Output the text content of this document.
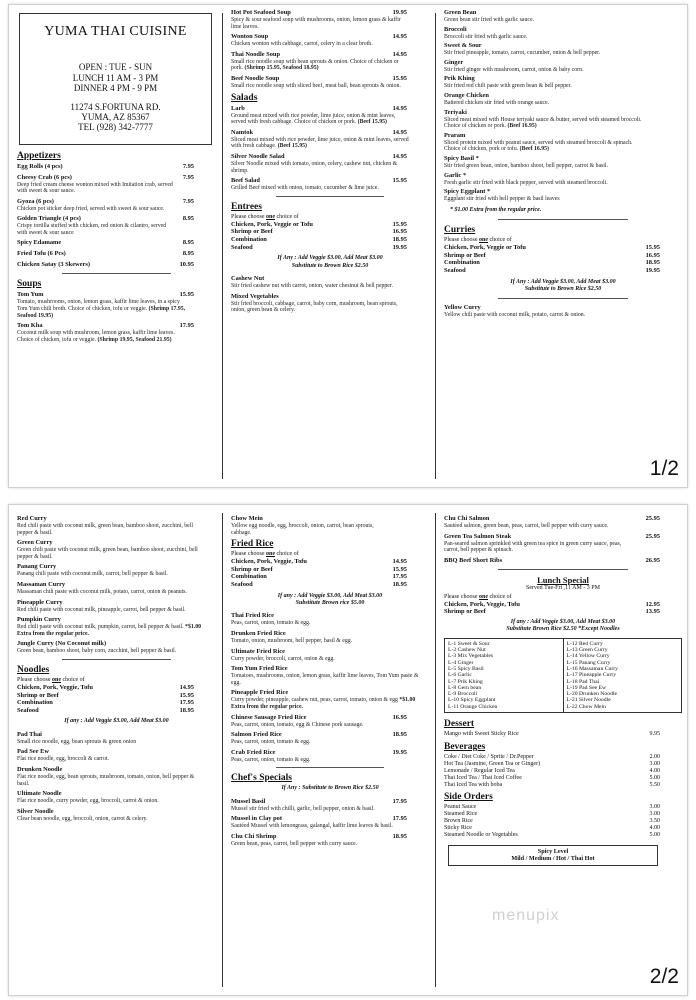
YUMA THAI CUISINE
OPEN : TUE - SUN
LUNCH 11 AM - 3 PM
DINNER 4 PM - 9 PM
11274 S.FORTUNA RD.
YUMA, AZ 85367
TEL (928) 342-7777
Appetizers
Egg Rolls (4 pcs)	7.95
Cheesy Crab (6 pcs)	7.95
Deep fried cream cheese wonton mixed with Imitation crab, served with sweet & sour sauce.
Gyoza (6 pcs)	7.95
Chicken pot sticker deep fried, served with sweet & sour sauce.
Golden Triangle (4 pcs)	8.95
Crispy tortilla stuffed with chicken, red onion & cilantro, served with sweet & sour sauce
Spicy Edamame	8.95
Fried Tofu (6 Pcs)	8.95
Chicken Satay (3 Skewers)	10.95
Soups
Tom Yum	15.95
Tomato, mushrooms, onion, lemon grass, kaffir lime leaves, in a spicy Tom Yum chili broth. Choice of chicken, tofu or veggie. (Shrimp 17.95, Seafood 19.95)
Tom Kha	17.95
Coconut milk soup with mushroom, lemon grass, kaffir lime leaves. Choice of chicken, tofu or veggie. (Shrimp 19.95, Seafood 21.95)
Hot Pot Seafood Soup	19.95
Spicy & sour seafood soup with mushrooms, onion, lemon grass & kaffir lime leaves.
Wonton Soup	14.95
Chicken wonton with cabbage, carrot, celery in a clear broth.
Thai Noodle Soup	14.95
Small rice noodle soup with bean sprouts & onion. Choice of chicken or pork. (Shrimp 15.95, Seafood 18.95)
Beef Noodle Soup	15.95
Small rice noodle soup with sliced beef, meat ball, bean sprouts & onion.
Salads
Larb	14.95
Ground meat mixed with rice powder, lime juice, onion & mint leaves, served with fresh cabbage. Choice of chicken or pork. (Beef 15.95)
Namtok	14.95
Sliced meat mixed with rice powder, lime juice, onion & mint leaves, served with fresh cabbage. (Beef 15.95)
Silver Noodle Salad	14.95
Silver Noodle mixed with tomato, onion, celery, cashew nut, chicken & shrimp.
Beef Salad	15.95
Grilled Beef mixed with onion, tomato, cucumber & lime juice.
Entrees
Please choose one choice of
Chicken, Pork, Veggie or Tofu	15.95
Shrimp or Beef	16.95
Combination	18.95
Seafood	19.95
If Any : Add Veggie $3.00, Add Meat $3.00
Substitute to Brown Rice $2.50
Cashew Nut
Stir fried cashew nut with carrot, onion, water chestnut & bell pepper.
Mixed Vegetables
Stir fried broccoli, cabbage, carrot, baby corn, mushroom, bean sprouts, onion, green bean & celery.
Green Bean
Green bean stir fried with garlic sauce.
Broccoli
Broccoli stir fried with garlic sauce.
Sweet & Sour
Stir fried pineapple, tomato, carrot, cucumber, onion & bell pepper.
Ginger
Stir fried ginger with mushroom, carrot, onion & baby corn.
Prik Khing
Stir fried red chili paste with green bean & bell pepper.
Orange Chicken
Battered chicken stir fried with orange sauce.
Teriyaki
Sliced meat mixed with House teriyaki sauce & butter, served with steamed broccoli. Choice of chicken or pork. (Beef 16.95)
Praram
Sliced protein mixed with peanut sauce, served with steamed broccoli & spinach. Choice of chicken, pork or tofu. (Beef 16.95)
Spicy Basil *
Stir fried green bean, onion, bamboo shoot, bell pepper, carrot & basil.
Garlic *
Fresh garlic stir fried with black pepper, served with steamed broccoli.
Spicy Eggplant *
Eggplant stir fried with bell pepper & basil leaves
* $1.00 Extra from the regular price.
Curries
Please choose one choice of
Chicken, Pork, Veggie or Tofu	15.95
Shrimp or Beef	16.95
Combination	18.95
Seafood	19.95
If Any : Add Veggie $3.00, Add Meat $3.00
Substitute to Brown Rice $2.50
Yellow Curry
Yellow chili paste with coconut milk, potato, carrot & onion.
1/2
Red Curry
Red chili paste with coconut milk, green bean, bamboo shoot, zucchini, bell pepper & basil.
Green Curry
Green chili paste with coconut milk, green bean, bamboo shoot, zucchini, bell pepper & basil.
Panang Curry
Panang chili paste with coconut milk, carrot, bell pepper & basil.
Massaman Curry
Massaman chili paste with coconut milk, potato, carrot, onion & peanuts.
Pineapple Curry
Red chili paste with coconut milk, pineapple, carrot, bell pepper & basil.
Pumpkin Curry
Red chili paste with coconut milk, pumpkin, carrot, bell pepper & basil. *$1.00 Extra from the regular price.
Jungle Curry (No Coconut milk)
Green bean, bamboo shoot, baby corn, zucchini, bell pepper & basil.
Noodles
Please choose one choice of
Chicken, Pork, Veggie, Tofu	14.95
Shrimp or Beef	15.95
Combination	17.95
Seafood	18.95
If any : Add Veggie $3.00, Add Meat $3.00
Pad Thai
Small rice noodle, egg, bean sprouts & green onion
Pad See Ew
Flat rice noodle, egg, broccoli & carrot.
Drunken Noodle
Flat rice noodle, egg, bean sprouts, mushroom, tomato, onion, bell pepper & basil.
Ultimate Noodle
Flat rice noodle, curry powder, egg, broccoli, carrot & onion.
Silver Noodle
Clear bean noodle, egg, broccoli, onion, carrot & celery.
Chow Mein
Yellow egg noodle, egg, broccoli, onion, carrot, bean sprouts, cabbage.
Fried Rice
Please choose one choice of
Chicken, Pork, Veggie, Tofu	14.95
Shrimp or Beef	15.95
Combination	17.95
Seafood	18.95
If any : Add Veggie $3.00, Add Meat $3.00
Substitute Brown rice $5.00
Thai Fried Rice
Peas, carrot, onion, tomato & egg.
Drunken Fried Rice
Tomato, onion, mushroom, bell pepper, basil & egg.
Ultimate Fried Rice
Curry powder, broccoli, carrot, onion & egg.
Tom Yum Fried Rice
Tomatoes, mushrooms, onion, lemon grass, kaffir lime leaves, Tom Yum paste & egg.
Pineapple Fried Rice
Curry powder, pineapple, cashew nut, peas, carrot, tomato, onion & egg *$1.00 Extra from the regular price.
Chinese Sausage Fried Rice	16.95
Peas, carrot, onion, tomato, egg & Chinese pork sausage.
Salmon Fried Rice	18.95
Peas, carrot, onion, tomato & egg.
Crab Fried Rice	19.95
Peas, carrot, onion, tomato & egg.
Chef's Specials
If Any : Substitute to Brown Rice $2.50
Mussel Basil	17.95
Mussel stir fried with chilli, garlic, bell pepper, onion & basil.
Mussel in Clay pot	17.95
Sautéed Mussel with lemongrass, galangal, kaffir lime leaves & basil.
Chu Chi Shrimp	18.95
Green bean, peas, carrot, bell pepper with curry sauce.
Chu Chi Salmon	25.95
Sautéed salmon, green bean, peas, carrot, bell pepper with curry sauce.
Green Tea Salmon Steak	25.95
Pan-seared salmon sprinkled with green tea spice in green curry sauce, peas, carrot, bell pepper & spinach.
BBQ Beef Short Ribs	26.95
Lunch Special
Served Tue-Fri ,11 AM - 3 PM
Please choose one choice of
Chicken, Pork, Veggie, Tofu	12.95
Shrimp or Beef	13.95
If any : Add Veggie $3.00, Add Meat $3.00
Substitute Brown Rice $2.50 *Except Noodles
L-1 Sweet & Sour
L-2 Cashew Nut
L-3 Mix Vegetables
L-4 Ginger
L-5 Spicy Basil
L-6 Garlic
L-7 Prik Khing
L-8 Gern bean
L-9 Broccoli
L-10 Spicy Eggplant
L-11 Orange Chicken
L-12 Red Curry
L-13 Green Curry
L-14 Yellow Curry
L-15 Panang Curry
L-16 Massaman Curry
L-17 Pineapple Curry
L-18 Pad Thai
L-19 Pad See Ew
L-20 Drunken Noodle
L-21 Silver Noodle
L-22 Chow Mein
Dessert
Mango with Sweet Sticky Rice	9.95
Beverages
Coke / Diet Coke / Sprite / Dr.Pepper	2.00
Hot Tea (Jasmine, Green Tea or Ginger)	3.00
Lemonade / Regular Iced Tea	4.00
Thai Iced Tea / Thai Iced Coffee	5.00
Thai Iced Tea with boba	5.50
Side Orders
Peanut Sauce	3.00
Steamed Rice	3.00
Brown Rice	3.50
Sticky Rice	4.00
Steamed Noodle or Vegetables	5.00
Spicy Level
Mild / Medium / Hot / Thai Hot
menupix
2/2
